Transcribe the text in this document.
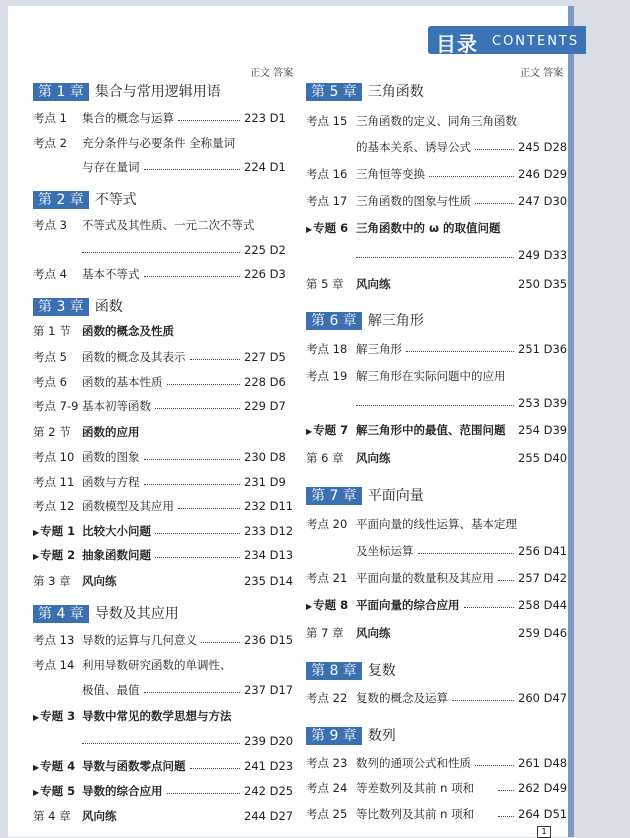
目录 CONTENTS
正文 答案	正文 答案
第 1 章 集合与常用逻辑用语
考点 1 集合的概念与运算	223 D1
考点 2 充分条件与必要条件 全称量词
与存在量词	224 D1
第 2 章 不等式
考点 3 不等式及其性质、一元二次不等式
225 D2
考点 4 基本不等式	226 D3
第 3 章 函数
第 1 节 函数的概念及性质
考点 5 函数的概念及其表示	227 D5
考点 6 函数的基本性质	228 D6
考点 7-9 基本初等函数	229 D7
第 2 节 函数的应用
考点 10 函数的图象	230 D8
考点 11 函数与方程	231 D9
考点 12 函数模型及其应用	232 D11
▶专题 1 比较大小问题	233 D12
▶专题 2 抽象函数问题	234 D13
第 3 章 风向练	235 D14
第 4 章 导数及其应用
考点 13 导数的运算与几何意义	236 D15
考点 14 利用导数研究函数的单调性、
极值、最值	237 D17
▶专题 3 导数中常见的数学思想与方法
239 D20
▶专题 4 导数与函数零点问题	241 D23
▶专题 5 导数的综合应用	242 D25
第 4 章 风向练	244 D27
第 5 章 三角函数
考点 15 三角函数的定义、同角三角函数
的基本关系、诱导公式	245 D28
考点 16 三角恒等变换	246 D29
考点 17 三角函数的图象与性质	247 D30
▶专题 6 三角函数中的 ω 的取值问题
249 D33
第 5 章 风向练	250 D35
第 6 章 解三角形
考点 18 解三角形	251 D36
考点 19 解三角形在实际问题中的应用
253 D39
▶专题 7 解三角形中的最值、范围问题 254 D39
第 6 章 风向练	255 D40
第 7 章 平面向量
考点 20 平面向量的线性运算、基本定理
及坐标运算	256 D41
考点 21 平面向量的数量积及其应用 257 D42
▶专题 8 平面向量的综合应用	258 D44
第 7 章 风向练	259 D46
第 8 章 复数
考点 22 复数的概念及运算	260 D47
第 9 章 数列
考点 23 数列的通项公式和性质	261 D48
考点 24 等差数列及其前 n 项和	262 D49
考点 25 等比数列及其前 n 项和	264 D51
1
